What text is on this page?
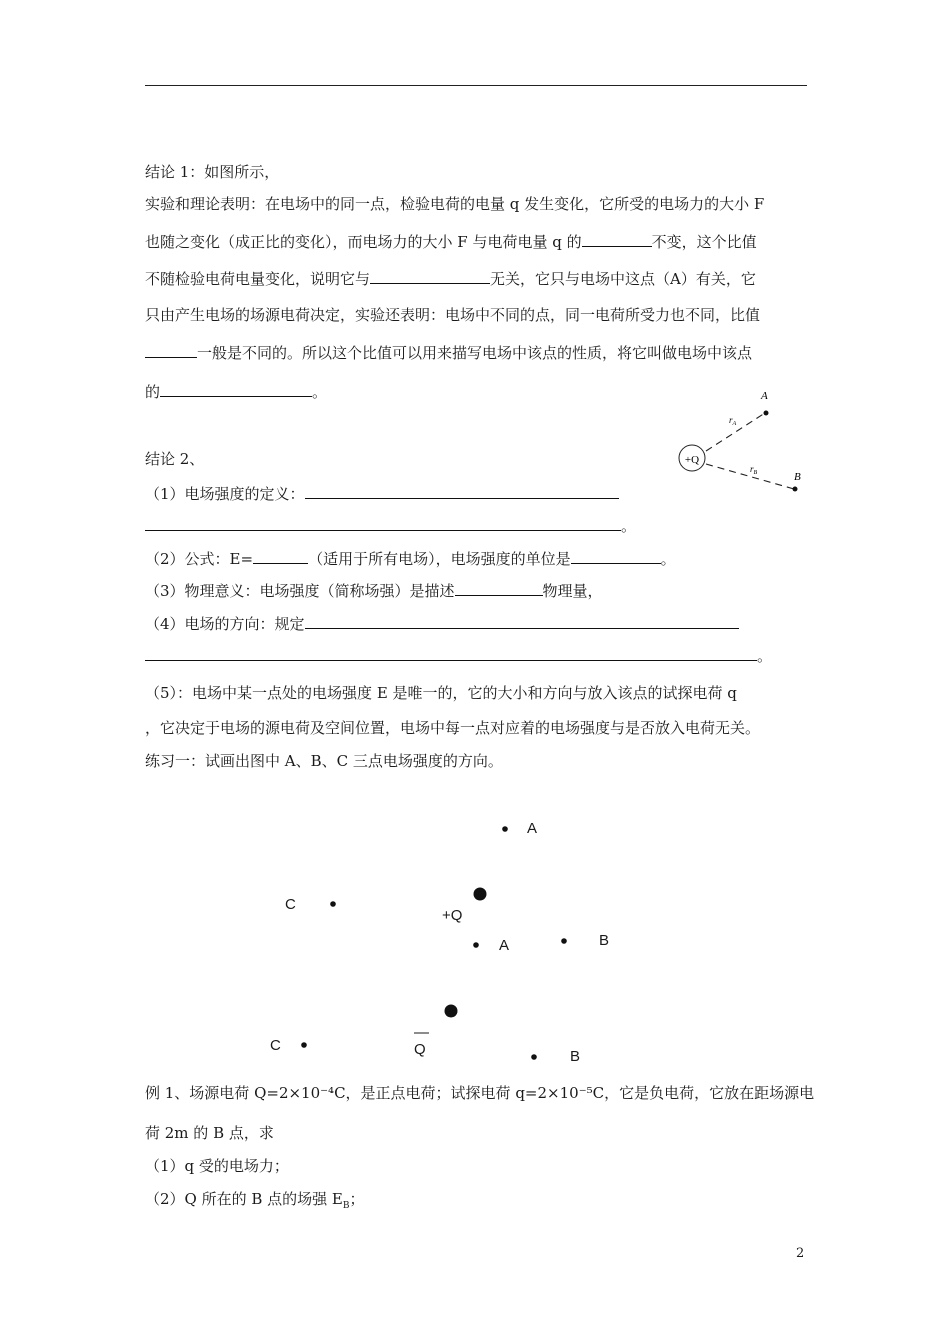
结论 1：如图所示，
实验和理论表明：在电场中的同一点，检验电荷的电量 q 发生变化，它所受的电场力的大小 F
也随之变化（成正比的变化），而电场力的大小 F 与电荷电量 q 的	不变，这个比值
不随检验电荷电量变化，说明它与	无关，它只与电场中这点（A）有关，它
只由产生电场的场源电荷决定，实验还表明：电场中不同的点，同一电荷所受力也不同，比值
一般是不同的。所以这个比值可以用来描写电场中该点的性质，将它叫做电场中该点
的	。
+Q
A
B
$r_A$
$r_B$
结论 2、
（1）电场强度的定义：
。
（2）公式：E=	（适用于所有电场），电场强度的单位是	。
（3）物理意义：电场强度（简称场强）是描述	物理量，
（4）电场的方向：规定
。
（5）：电场中某一点处的电场强度 E 是唯一的，它的大小和方向与放入该点的试探电荷 q
，它决定于电场的源电荷及空间位置，电场中每一点对应着的电场强度与是否放入电荷无关。
练习一：试画出图中 A、B、C 三点电场强度的方向。
A
C
+Q
A	B
—Q
C
B
例 1、场源电荷 Q=2×10⁻⁴C，是正点电荷；试探电荷 q=2×10⁻⁵C，它是负电荷，它放在距场源电
荷 2m 的 B 点，求
（1）q 受的电场力；
（2）Q 所在的 B 点的场强 $E_B$；
2
